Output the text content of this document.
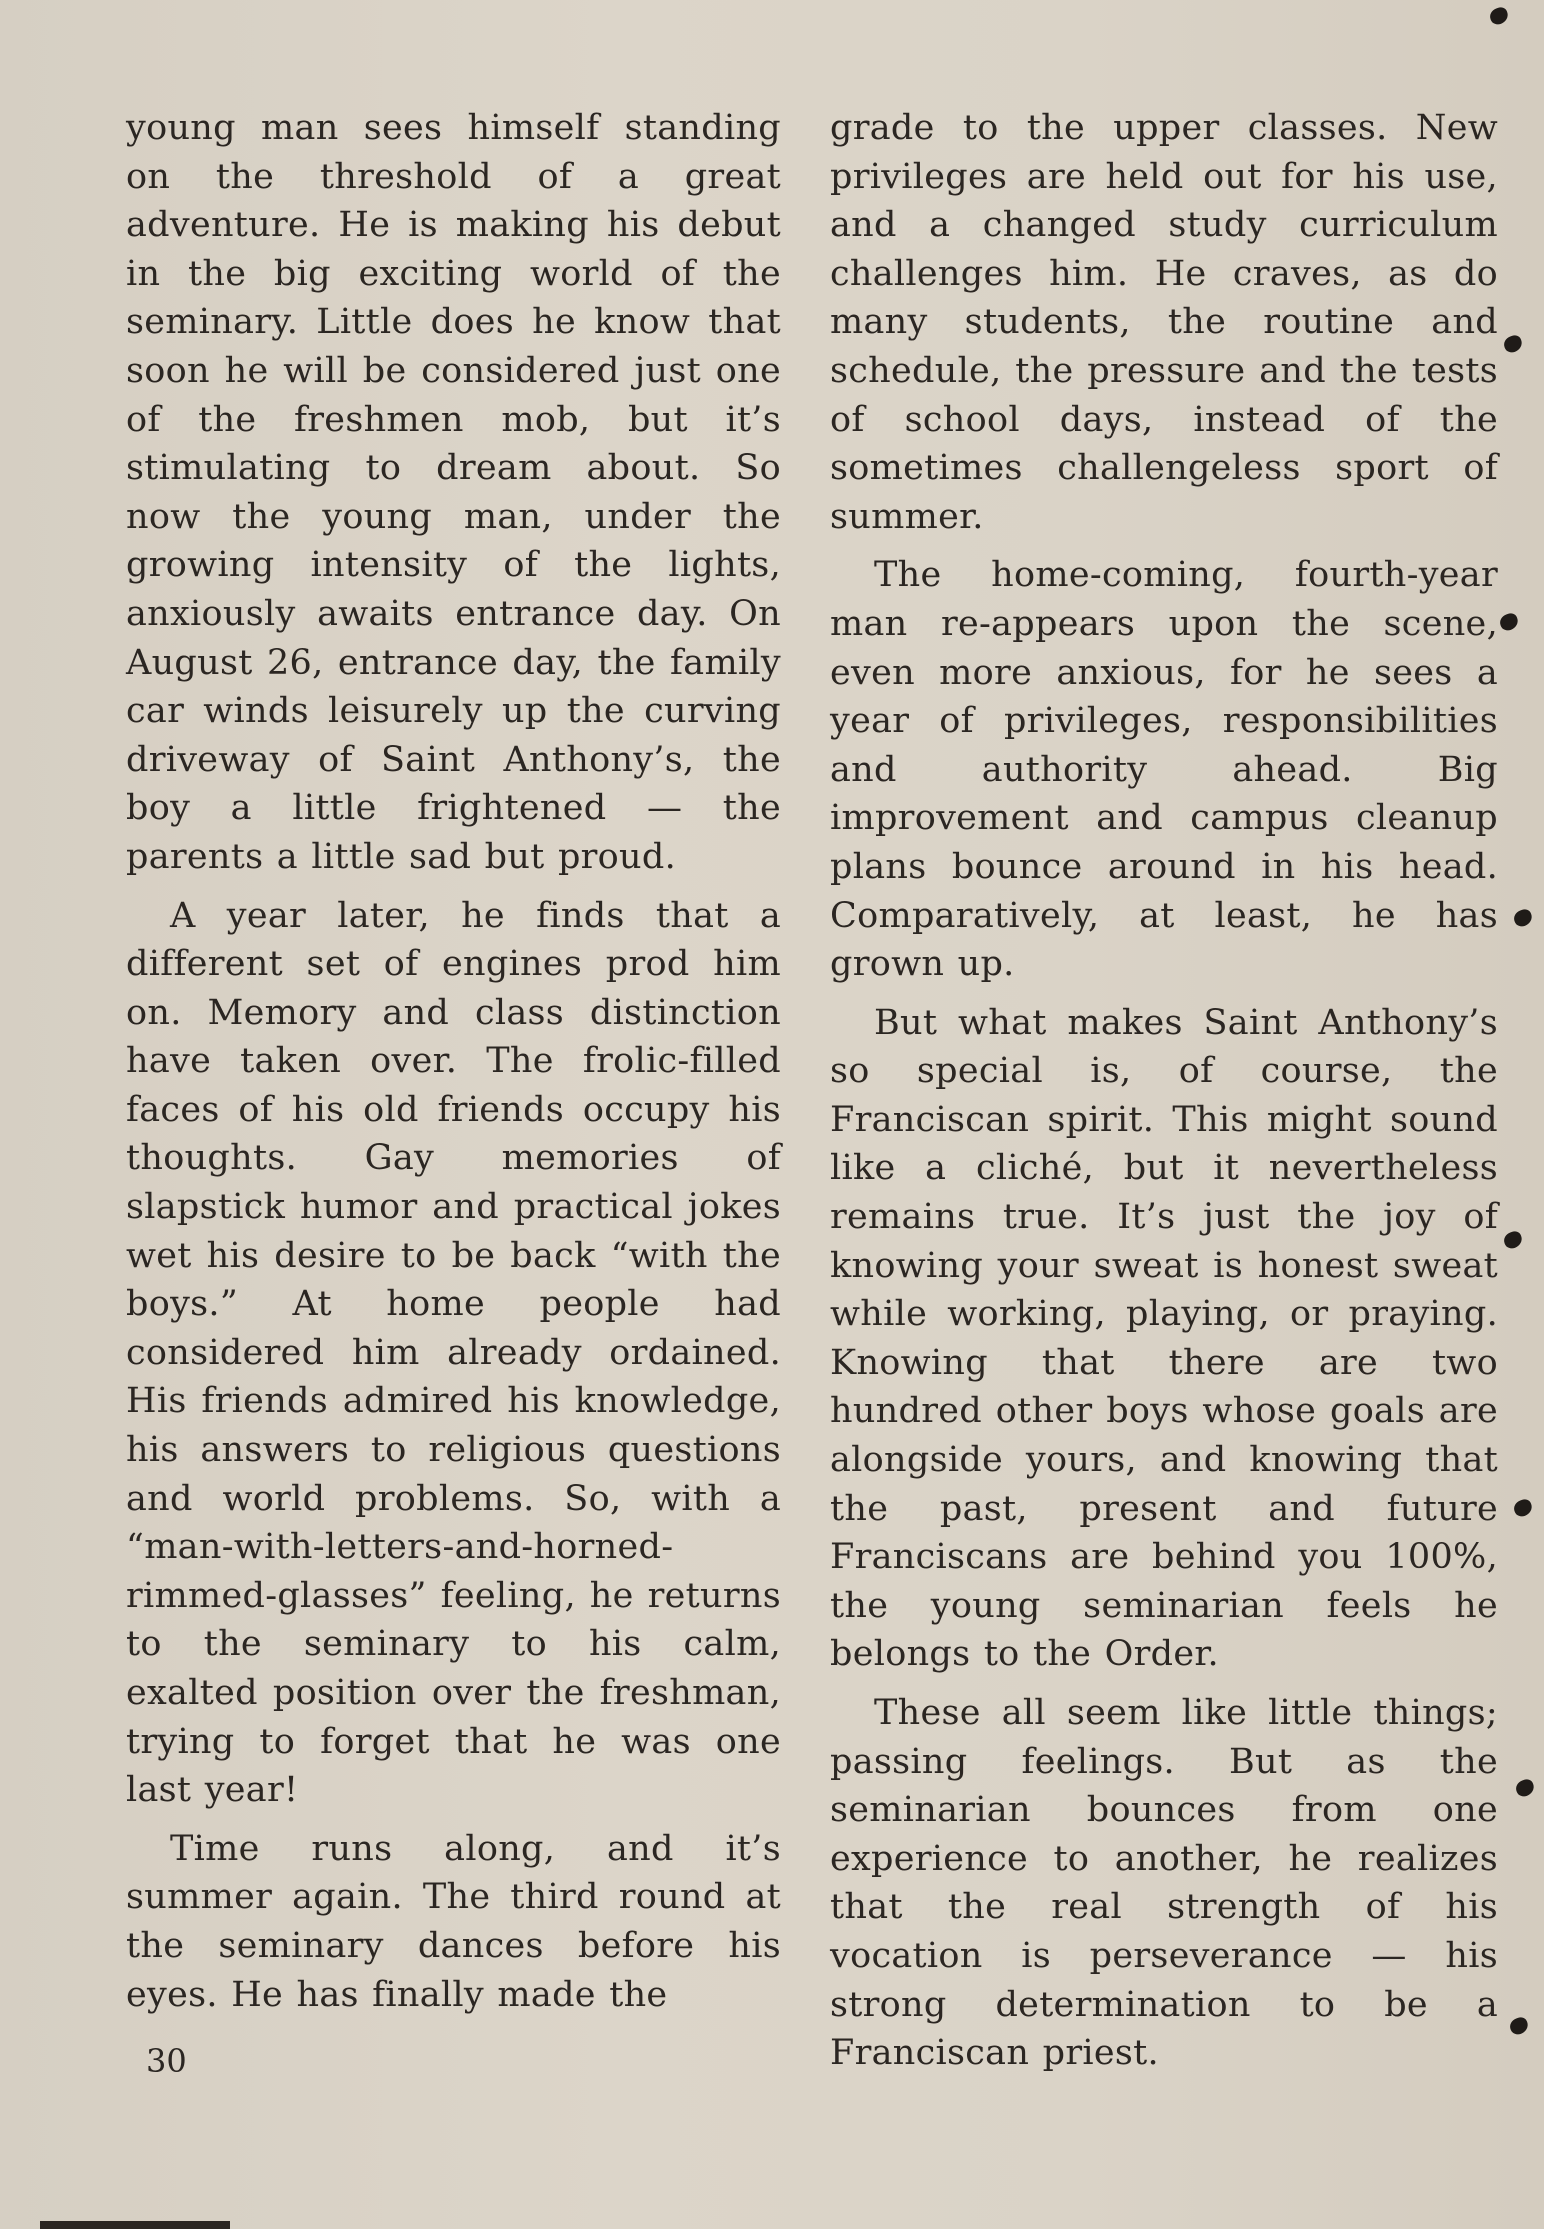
young man sees himself standing on the threshold of a great adventure. He is making his debut in the big exciting world of the seminary. Little does he know that soon he will be considered just one of the freshmen mob, but it’s stimulating to dream about. So now the young man, under the growing intensity of the lights, anxiously awaits entrance day. On August 26, entrance day, the family car winds leisurely up the curving driveway of Saint Anthony’s, the boy a little frightened — the parents a little sad but proud.

A year later, he finds that a different set of engines prod him on. Memory and class distinction have taken over. The frolic-filled faces of his old friends occupy his thoughts. Gay memories of slapstick humor and practical jokes wet his desire to be back “with the boys.” At home people had considered him already ordained. His friends admired his knowledge, his answers to religious questions and world problems. So, with a “man-with-letters-and-horned-rimmed-glasses” feeling, he returns to the seminary to his calm, exalted position over the freshman, trying to forget that he was one last year!

Time runs along, and it’s summer again. The third round at the seminary dances before his eyes. He has finally made the

grade to the upper classes. New privileges are held out for his use, and a changed study curriculum challenges him. He craves, as do many students, the routine and schedule, the pressure and the tests of school days, instead of the sometimes challengeless sport of summer.

The home-coming, fourth-year man re-appears upon the scene, even more anxious, for he sees a year of privileges, responsibilities and authority ahead. Big improvement and campus cleanup plans bounce around in his head. Comparatively, at least, he has grown up.

But what makes Saint Anthony’s so special is, of course, the Franciscan spirit. This might sound like a cliché, but it nevertheless remains true. It’s just the joy of knowing your sweat is honest sweat while working, playing, or praying. Knowing that there are two hundred other boys whose goals are alongside yours, and knowing that the past, present and future Franciscans are behind you 100%, the young seminarian feels he belongs to the Order.

These all seem like little things; passing feelings. But as the seminarian bounces from one experience to another, he realizes that the real strength of his vocation is perseverance — his strong determination to be a Franciscan priest.

30
